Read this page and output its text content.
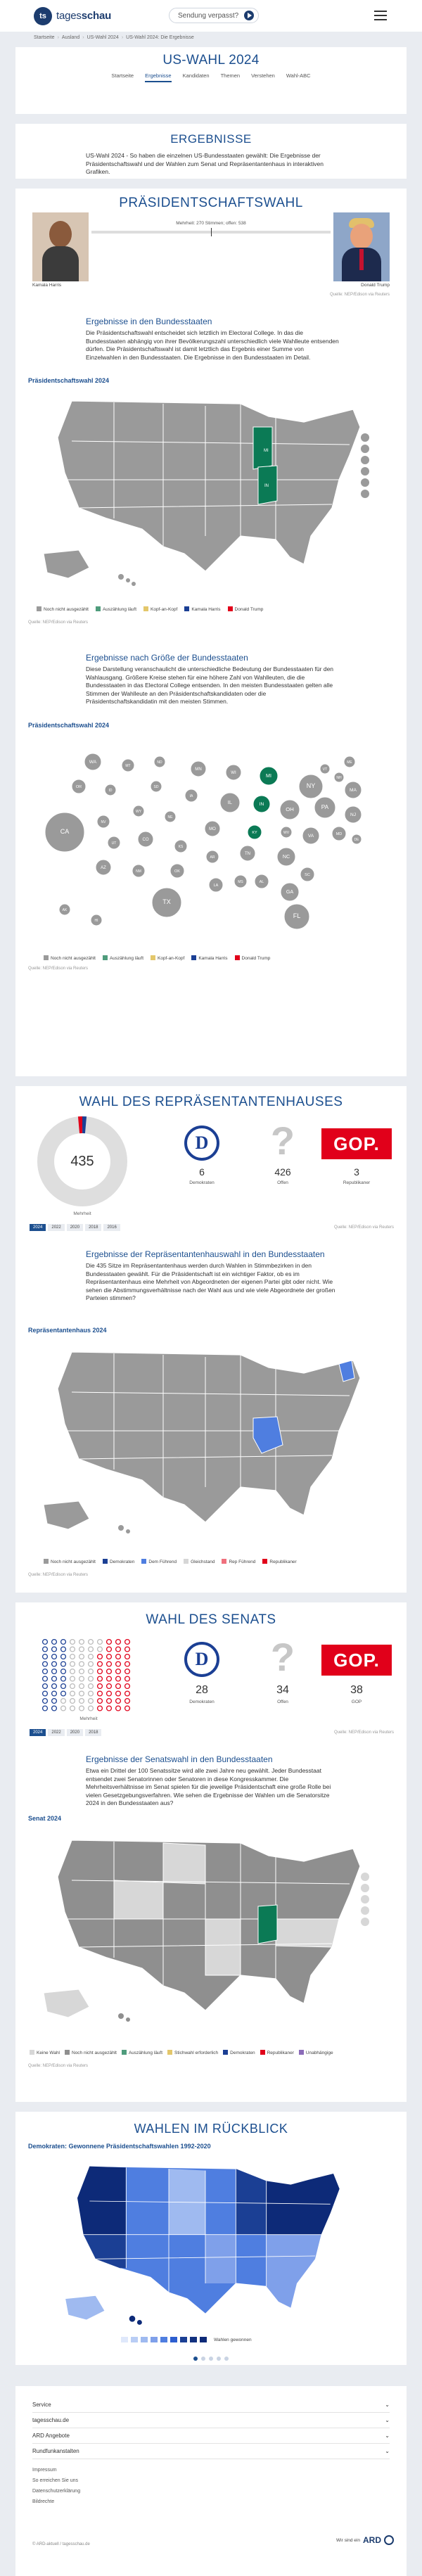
ts tagesschau	Sendung verpasst?
Startseite › Ausland › US-Wahl 2024 › US-Wahl 2024: Die Ergebnisse
US-WAHL 2024
Startseite Ergebnisse Kandidaten Themen Verstehen Wahl-ABC
ERGEBNISSE
US-Wahl 2024 - So haben die einzelnen US-Bundesstaaten gewählt: Die Ergebnisse der Präsidentschaftswahl und der Wahlen zum Senat und Repräsentantenhaus in interaktiven Grafiken.
PRÄSIDENTSCHAFTSWAHL
Mehrheit: 270 Stimmen; offen: 538
Kamala Harris	Donald Trump
Quelle: NEP/Edison via Reuters
Ergebnisse in den Bundesstaaten
Die Präsidentschaftswahl entscheidet sich letztlich im Electoral College. In das die Bundesstaaten abhängig von ihrer Bevölkerungszahl unterschiedlich viele Wahlleute entsenden dürfen. Die Präsidentschaftswahl ist damit letztlich das Ergebnis einer Summe von Einzelwahlen in den Bundesstaaten. Die Ergebnisse in den Bundesstaaten im Detail.
Präsidentschaftswahl 2024
MI
IN
Noch nicht ausgezählt	Auszählung läuft	Kopf-an-Kopf	Kamala Harris	Donald Trump
Quelle: NEP/Edison via Reuters
Ergebnisse nach Größe der Bundesstaaten
Diese Darstellung veranschaulicht die unterschiedliche Bedeutung der Bundesstaaten für den Wahlausgang. Größere Kreise stehen für eine höhere Zahl von Wahlleuten, die die Bundesstaaten in das Electoral College entsenden. In den meisten Bundesstaaten gelten alle Stimmen der Wahlleute an den Präsidentschaftskandidaten oder die Präsidentschaftskandidatin mit den meisten Stimmen.
Präsidentschaftswahl 2024
WA
MT
ND
MN
WI	MI
VT
NH
ME
MA
NY
OR
ID
SD
IA
IL	IN
OH	PA
NJ
CA
NV
WY
NE
MO
KY	WV
VA	MD
DE
UT
CO
KS
AR
TN	NC
SC
AZ
NM	OK
LA
MS	AL
GA
TX
FL
AK
HI
Noch nicht ausgezählt	Auszählung läuft	Kopf-an-Kopf	Kamala Harris	Donald Trump
Quelle: NEP/Edison via Reuters
WAHL DES REPRÄSENTANTENHAUSES
435
Mehrheit
D
6
Demokraten
?
426
Offen
GOP.
3
Republikaner
2024	2022	2020	2018	2016	Quelle: NEP/Edison via Reuters
Ergebnisse der Repräsentantenhauswahl in den Bundesstaaten
Die 435 Sitze im Repräsentantenhaus werden durch Wahlen in Stimmbezirken in den Bundesstaaten gewählt. Für die Präsidentschaft ist ein wichtiger Faktor, ob es im Repräsentantenhaus eine Mehrheit von Abgeordneten der eigenen Partei gibt oder nicht. Wie sehen die Abstimmungsverhältnisse nach der Wahl aus und wie viele Abgeordnete der großen Parteien stimmen?
Repräsentantenhaus 2024
Noch nicht ausgezählt	Demokraten	Dem Führend	Gleichstand	Rep Führend	Republikaner
Quelle: NEP/Edison via Reuters
WAHL DES SENATS
Mehrheit
D
28
Demokraten
?
34
Offen
GOP.
38
GOP
2024	2022	2020	2018	Quelle: NEP/Edison via Reuters
Ergebnisse der Senatswahl in den Bundesstaaten
Etwa ein Drittel der 100 Senatssitze wird alle zwei Jahre neu gewählt. Jeder Bundesstaat entsendet zwei Senatorinnen oder Senatoren in diese Kongresskammer. Die Mehrheitsverhältnisse im Senat spielen für die jeweilige Präsidentschaft eine große Rolle bei vielen Gesetzgebungsverfahren. Wie sehen die Ergebnisse der Wahlen um die Senatorsitze 2024 in den Bundesstaaten aus?
Senat 2024
Keine Wahl	Noch nicht ausgezählt	Auszählung läuft	Stichwahl erforderlich	Demokraten	Republikaner	Unabhängige
Quelle: NEP/Edison via Reuters
WAHLEN IM RÜCKBLICK
Demokraten: Gewonnene Präsidentschaftswahlen 1992-2020
Wahlen gewonnen
Service	⌄
tagesschau.de	⌄
ARD Angebote	⌄
Rundfunkanstalten	⌄
Impressum
So erreichen Sie uns
Datenschutzerklärung
Bildrechte
© ARD-aktuell / tagesschau.de
Wir sind ein ARD
